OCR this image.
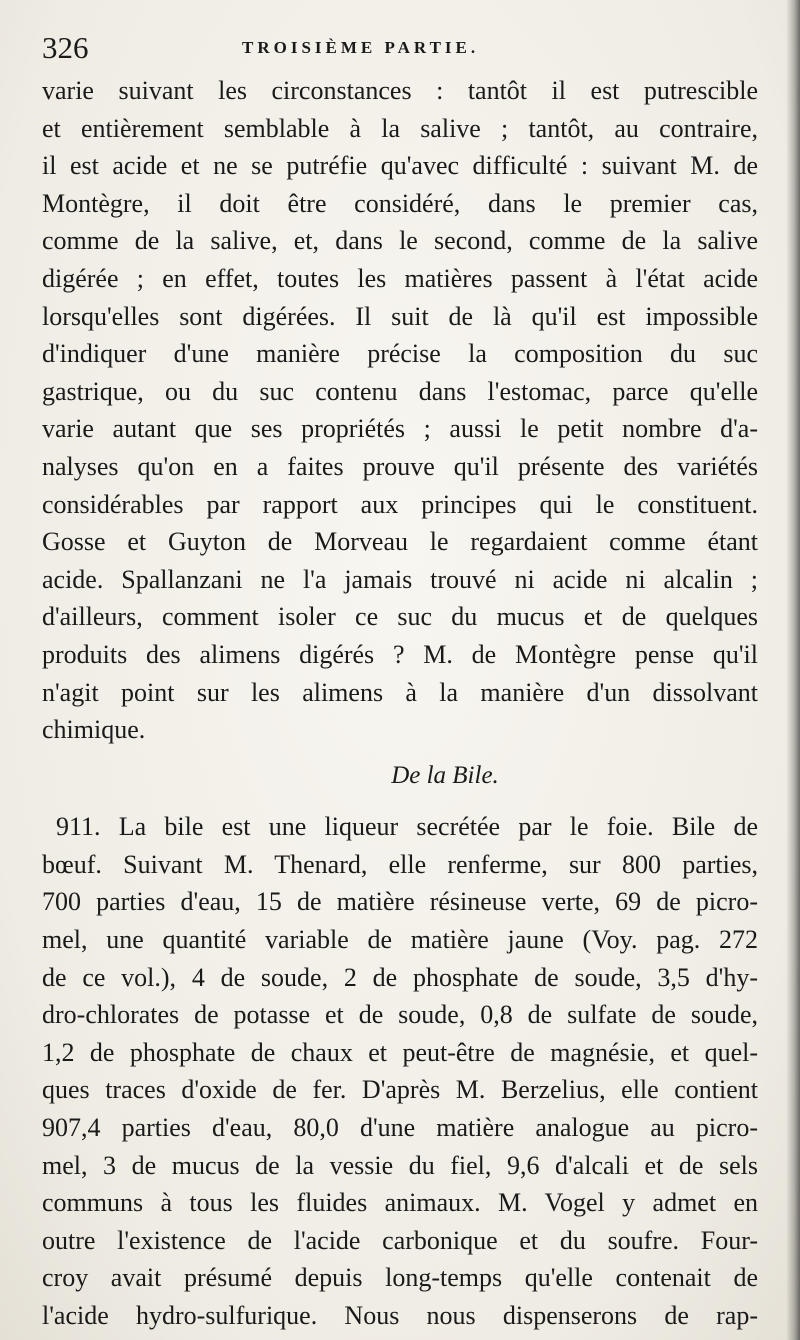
326	TROISIÈME PARTIE.
varie suivant les circonstances : tantôt il est putrescible
et entièrement semblable à la salive ; tantôt, au contraire,
il est acide et ne se putréfie qu'avec difficulté : suivant M. de
Montègre, il doit être considéré, dans le premier cas,
comme de la salive, et, dans le second, comme de la salive
digérée ; en effet, toutes les matières passent à l'état acide
lorsqu'elles sont digérées. Il suit de là qu'il est impossible
d'indiquer d'une manière précise la composition du suc
gastrique, ou du suc contenu dans l'estomac, parce qu'elle
varie autant que ses propriétés ; aussi le petit nombre d'a-
nalyses qu'on en a faites prouve qu'il présente des variétés
considérables par rapport aux principes qui le constituent.
Gosse et Guyton de Morveau le regardaient comme étant
acide. Spallanzani ne l'a jamais trouvé ni acide ni alcalin ;
d'ailleurs, comment isoler ce suc du mucus et de quelques
produits des alimens digérés ? M. de Montègre pense qu'il
n'agit point sur les alimens à la manière d'un dissolvant
chimique.
De la Bile.
911. La bile est une liqueur secrétée par le foie. Bile de
bœuf. Suivant M. Thenard, elle renferme, sur 800 parties,
700 parties d'eau, 15 de matière résineuse verte, 69 de picro-
mel, une quantité variable de matière jaune (Voy. pag. 272
de ce vol.), 4 de soude, 2 de phosphate de soude, 3,5 d'hy-
dro-chlorates de potasse et de soude, 0,8 de sulfate de soude,
1,2 de phosphate de chaux et peut-être de magnésie, et quel-
ques traces d'oxide de fer. D'après M. Berzelius, elle contient
907,4 parties d'eau, 80,0 d'une matière analogue au picro-
mel, 3 de mucus de la vessie du fiel, 9,6 d'alcali et de sels
communs à tous les fluides animaux. M. Vogel y admet en
outre l'existence de l'acide carbonique et du soufre. Four-
croy avait présumé depuis long-temps qu'elle contenait de
l'acide hydro-sulfurique. Nous nous dispenserons de rap-
